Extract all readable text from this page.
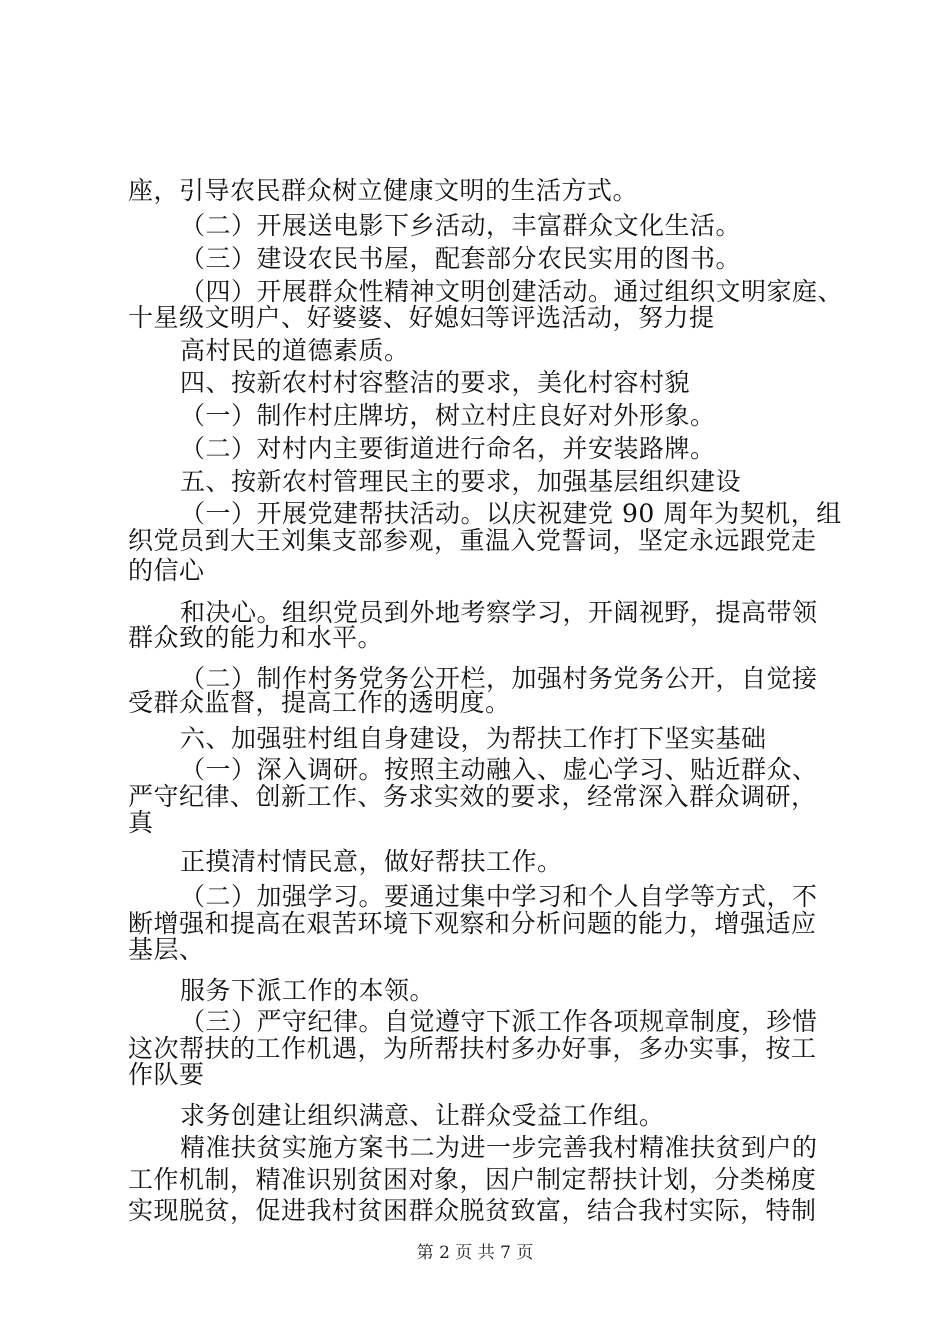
座，引导农民群众树立健康文明的生活方式。
（二）开展送电影下乡活动，丰富群众文化生活。
（三）建设农民书屋，配套部分农民实用的图书。
（四）开展群众性精神文明创建活动。通过组织文明家庭、
十星级文明户、好婆婆、好媳妇等评选活动，努力提
高村民的道德素质。
四、按新农村村容整洁的要求，美化村容村貌
（一）制作村庄牌坊，树立村庄良好对外形象。
（二）对村内主要街道进行命名，并安装路牌。
五、按新农村管理民主的要求，加强基层组织建设
（一）开展党建帮扶活动。以庆祝建党 90 周年为契机，组
织党员到大王刘集支部参观，重温入党誓词，坚定永远跟党走
的信心
和决心。组织党员到外地考察学习，开阔视野，提高带领
群众致的能力和水平。
（二）制作村务党务公开栏，加强村务党务公开，自觉接
受群众监督，提高工作的透明度。
六、加强驻村组自身建设，为帮扶工作打下坚实基础
（一）深入调研。按照主动融入、虚心学习、贴近群众、
严守纪律、创新工作、务求实效的要求，经常深入群众调研，
真
正摸清村情民意，做好帮扶工作。
（二）加强学习。要通过集中学习和个人自学等方式，不
断增强和提高在艰苦环境下观察和分析问题的能力，增强适应
基层、
服务下派工作的本领。
（三）严守纪律。自觉遵守下派工作各项规章制度，珍惜
这次帮扶的工作机遇，为所帮扶村多办好事，多办实事，按工
作队要
求务创建让组织满意、让群众受益工作组。
精准扶贫实施方案书二为进一步完善我村精准扶贫到户的
工作机制，精准识别贫困对象，因户制定帮扶计划，分类梯度
实现脱贫，促进我村贫困群众脱贫致富，结合我村实际，特制
第 2 页 共 7 页
